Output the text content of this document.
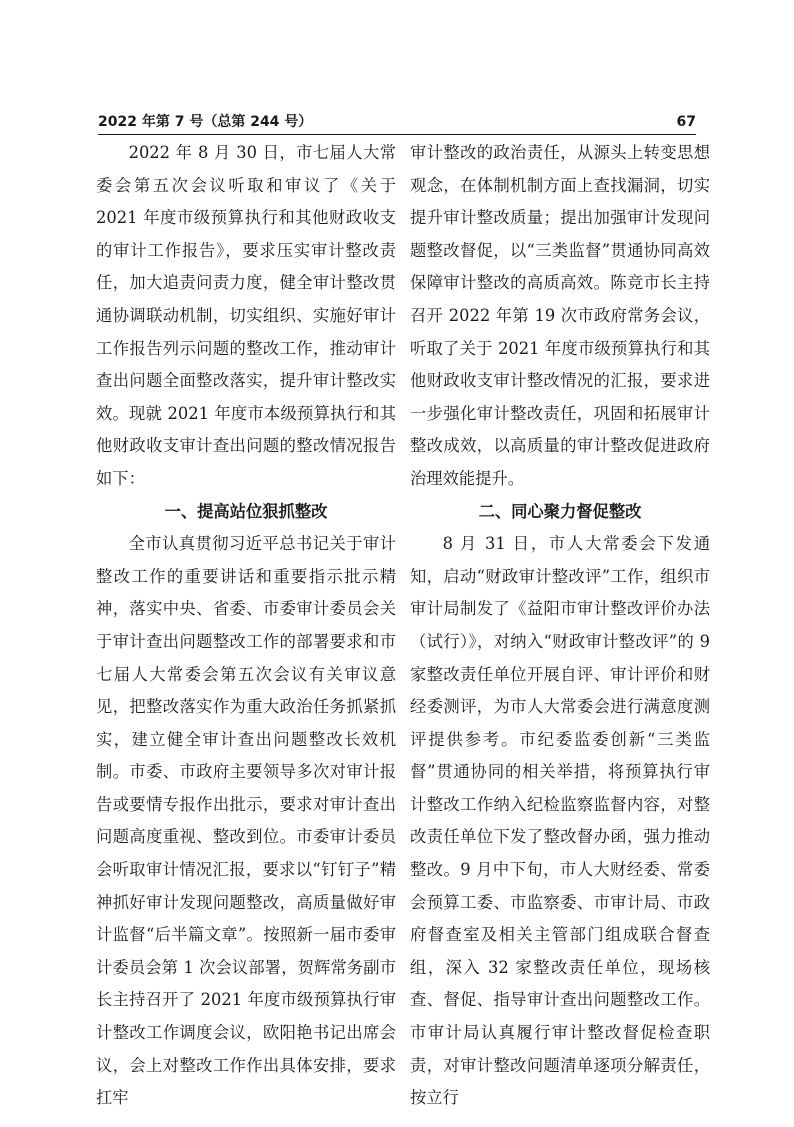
2022 年第 7 号（总第 244 号）	67

2022 年 8 月 30 日，市七届人大常委会第五次会议听取和审议了《关于 2021 年度市级预算执行和其他财政收支的审计工作报告》，要求压实审计整改责任，加大追责问责力度，健全审计整改贯通协调联动机制，切实组织、实施好审计工作报告列示问题的整改工作，推动审计查出问题全面整改落实，提升审计整改实效。现就 2021 年度市本级预算执行和其他财政收支审计查出问题的整改情况报告如下：

一、提高站位狠抓整改

全市认真贯彻习近平总书记关于审计整改工作的重要讲话和重要指示批示精神，落实中央、省委、市委审计委员会关于审计查出问题整改工作的部署要求和市七届人大常委会第五次会议有关审议意见，把整改落实作为重大政治任务抓紧抓实，建立健全审计查出问题整改长效机制。市委、市政府主要领导多次对审计报告或要情专报作出批示，要求对审计查出问题高度重视、整改到位。市委审计委员会听取审计情况汇报，要求以“钉钉子”精神抓好审计发现问题整改，高质量做好审计监督“后半篇文章”。按照新一届市委审计委员会第 1 次会议部署，贺辉常务副市长主持召开了 2021 年度市级预算执行审计整改工作调度会议，欧阳艳书记出席会议，会上对整改工作作出具体安排，要求扛牢

审计整改的政治责任，从源头上转变思想观念，在体制机制方面上查找漏洞，切实提升审计整改质量；提出加强审计发现问题整改督促，以“三类监督”贯通协同高效保障审计整改的高质高效。陈竞市长主持召开 2022 年第 19 次市政府常务会议，听取了关于 2021 年度市级预算执行和其他财政收支审计整改情况的汇报，要求进一步强化审计整改责任，巩固和拓展审计整改成效，以高质量的审计整改促进政府治理效能提升。

二、同心聚力督促整改

8 月 31 日，市人大常委会下发通知，启动“财政审计整改评”工作，组织市审计局制发了《益阳市审计整改评价办法（试行）》，对纳入“财政审计整改评”的 9 家整改责任单位开展自评、审计评价和财经委测评，为市人大常委会进行满意度测评提供参考。市纪委监委创新“三类监督”贯通协同的相关举措，将预算执行审计整改工作纳入纪检监察监督内容，对整改责任单位下发了整改督办函，强力推动整改。9 月中下旬，市人大财经委、常委会预算工委、市监察委、市审计局、市政府督查室及相关主管部门组成联合督查组，深入 32 家整改责任单位，现场核查、督促、指导审计查出问题整改工作。市审计局认真履行审计整改督促检查职责，对审计整改问题清单逐项分解责任，按立行
